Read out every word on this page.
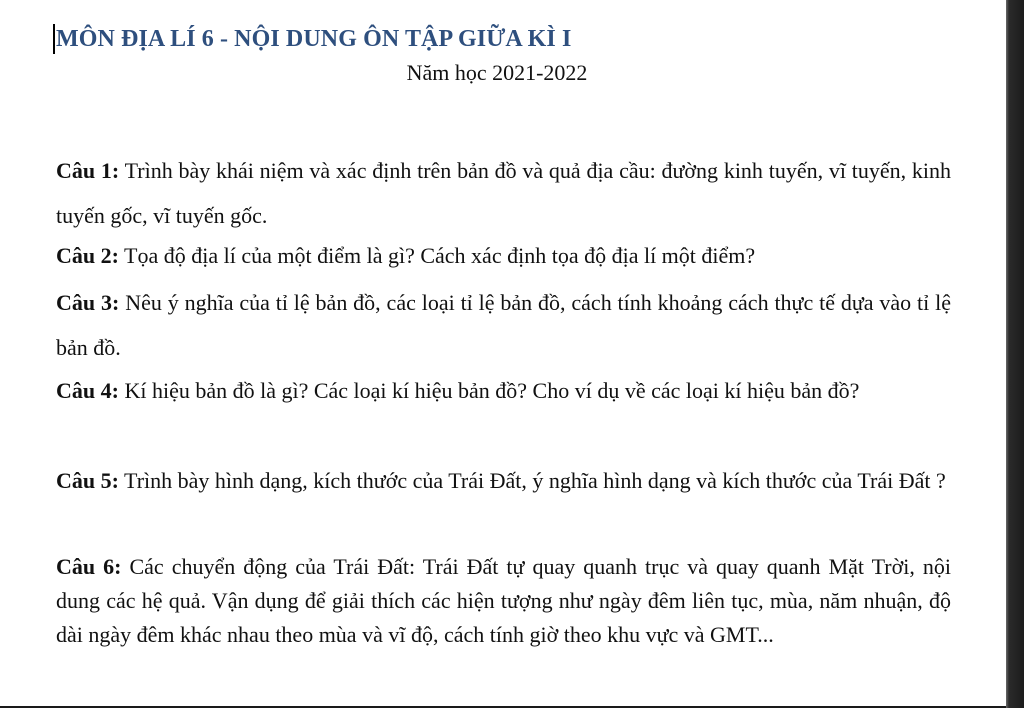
MÔN ĐỊA LÍ 6 - NỘI DUNG ÔN TẬP GIỮA KÌ I
Năm học 2021-2022

Câu 1: Trình bày khái niệm và xác định trên bản đồ và quả địa cầu: đường kinh tuyến, vĩ tuyến, kinh tuyến gốc, vĩ tuyến gốc.

Câu 2: Tọa độ địa lí của một điểm là gì? Cách xác định tọa độ địa lí một điểm?

Câu 3: Nêu ý nghĩa của tỉ lệ bản đồ, các loại tỉ lệ bản đồ, cách tính khoảng cách thực tế dựa vào tỉ lệ bản đồ.

Câu 4: Kí hiệu bản đồ là gì? Các loại kí hiệu bản đồ? Cho ví dụ về các loại kí hiệu bản đồ?

Câu 5: Trình bày hình dạng, kích thước của Trái Đất, ý nghĩa hình dạng và kích thước của Trái Đất ?

Câu 6: Các chuyển động của Trái Đất: Trái Đất tự quay quanh trục và quay quanh Mặt Trời, nội dung các hệ quả. Vận dụng để giải thích các hiện tượng như ngày đêm liên tục, mùa, năm nhuận, độ dài ngày đêm khác nhau theo mùa và vĩ độ, cách tính giờ theo khu vực và GMT...
